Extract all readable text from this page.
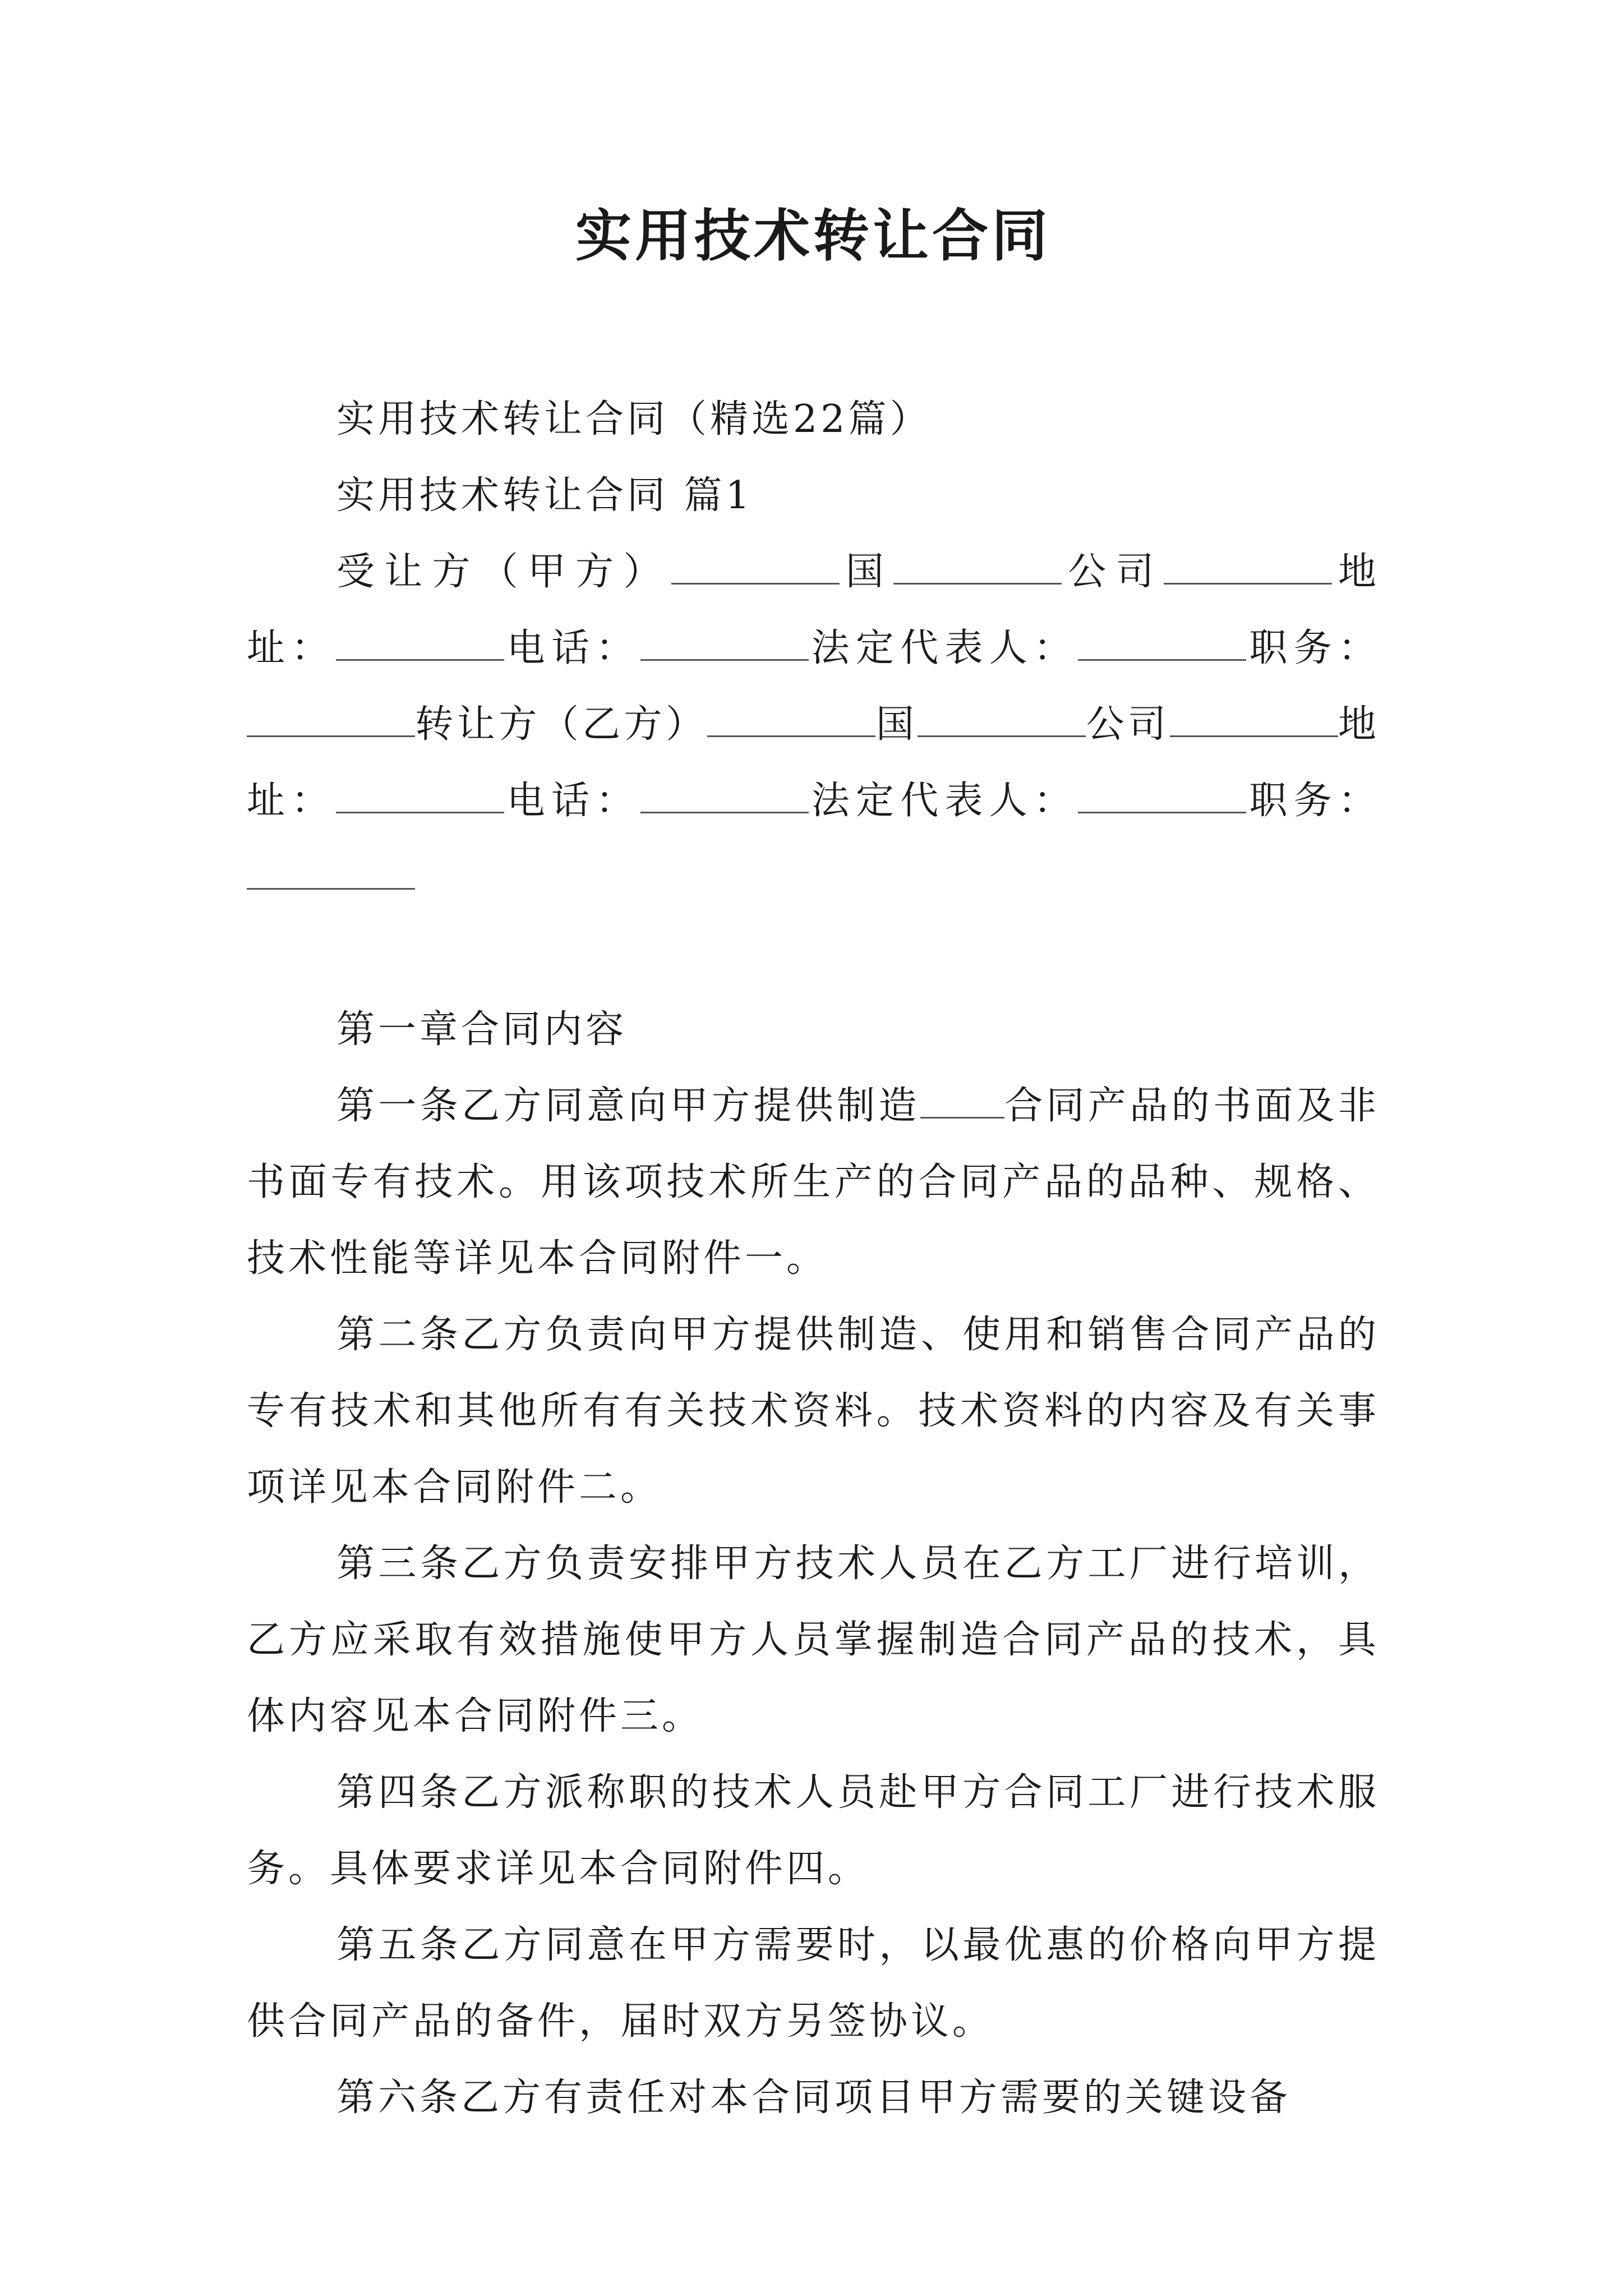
实用技术转让合同

实用技术转让合同（精选22篇）

实用技术转让合同 篇1

受让方（甲方）	国	公司	地址：	电话：	法定代表人：	职务：转让方（乙方）	国	公司	地址：	电话：	法定代表人：	职务：

第一章合同内容

第一条乙方同意向甲方提供制造 合同产品的书面及非书面专有技术。用该项技术所生产的合同产品的品种、规格、技术性能等详见本合同附件一。

第二条乙方负责向甲方提供制造、使用和销售合同产品的专有技术和其他所有有关技术资料。技术资料的内容及有关事项详见本合同附件二。

第三条乙方负责安排甲方技术人员在乙方工厂进行培训，乙方应采取有效措施使甲方人员掌握制造合同产品的技术，具体内容见本合同附件三。

第四条乙方派称职的技术人员赴甲方合同工厂进行技术服务。具体要求详见本合同附件四。

第五条乙方同意在甲方需要时，以最优惠的价格向甲方提供合同产品的备件，届时双方另签协议。

第六条乙方有责任对本合同项目甲方需要的关键设备
